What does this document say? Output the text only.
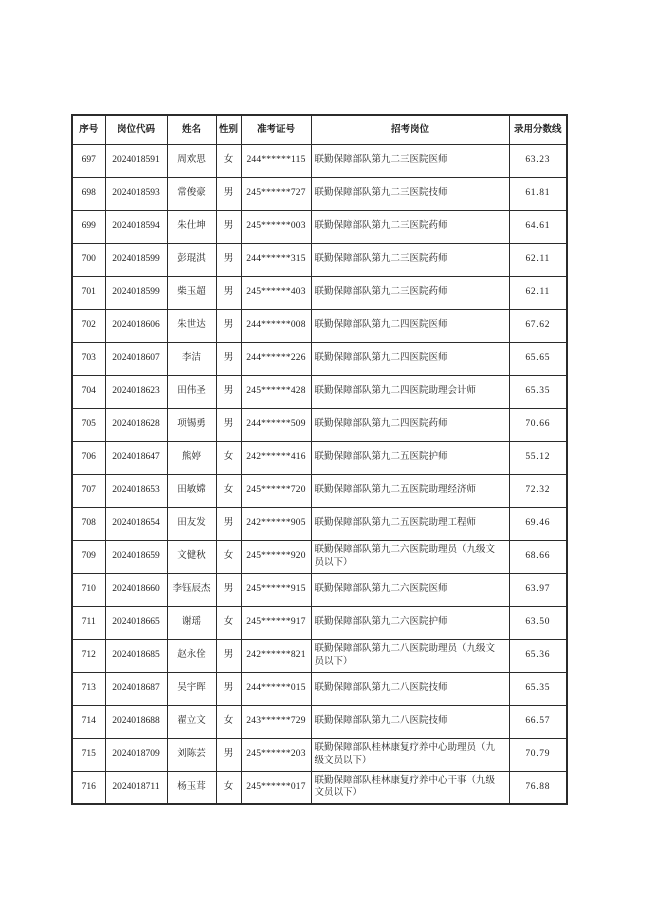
序号	岗位代码	姓名	性别	准考证号	招考岗位	录用分数线
697	2024018591	周欢思	女	244******115	联勤保障部队第九二三医院医师	63.23
698	2024018593	常俊豪	男	245******727	联勤保障部队第九二三医院技师	61.81
699	2024018594	朱仕坤	男	245******003	联勤保障部队第九二三医院药师	64.61
700	2024018599	彭琨淇	男	244******315	联勤保障部队第九二三医院药师	62.11
701	2024018599	柴玉超	男	245******403	联勤保障部队第九二三医院药师	62.11
702	2024018606	朱世达	男	244******008	联勤保障部队第九二四医院医师	67.62
703	2024018607	李洁	男	244******226	联勤保障部队第九二四医院医师	65.65
704	2024018623	田伟圣	男	245******428	联勤保障部队第九二四医院助理会计师	65.35
705	2024018628	项锡勇	男	244******509	联勤保障部队第九二四医院药师	70.66
706	2024018647	熊婷	女	242******416	联勤保障部队第九二五医院护师	55.12
707	2024018653	田敏嫦	女	245******720	联勤保障部队第九二五医院助理经济师	72.32
708	2024018654	田友发	男	242******905	联勤保障部队第九二五医院助理工程师	69.46
709	2024018659	文健秋	女	245******920	联勤保障部队第九二六医院助理员（九级文员以下）	68.66
710	2024018660	李钰辰杰	男	245******915	联勤保障部队第九二六医院医师	63.97
711	2024018665	谢瑶	女	245******917	联勤保障部队第九二六医院护师	63.50
712	2024018685	赵永佺	男	242******821	联勤保障部队第九二八医院助理员（九级文员以下）	65.36
713	2024018687	吴宇晖	男	244******015	联勤保障部队第九二八医院技师	65.35
714	2024018688	翟立文	女	243******729	联勤保障部队第九二八医院技师	66.57
715	2024018709	刘陈芸	男	245******203	联勤保障部队桂林康复疗养中心助理员（九级文员以下）	70.79
716	2024018711	杨玉茸	女	245******017	联勤保障部队桂林康复疗养中心干事（九级文员以下）	76.88
